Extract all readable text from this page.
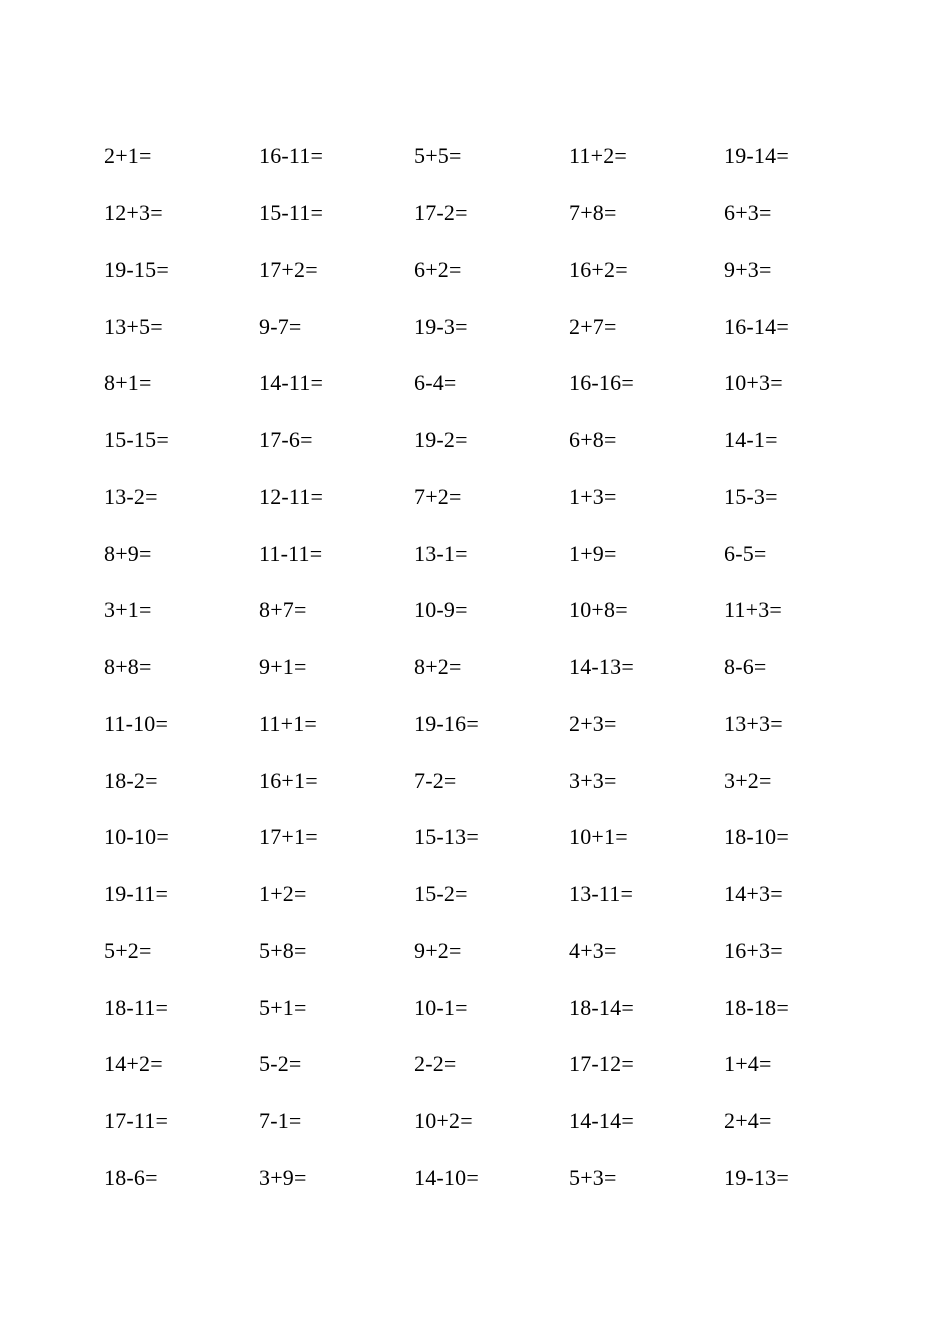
2+1=	16-11=	5+5=	11+2=	19-14=
12+3=	15-11=	17-2=	7+8=	6+3=
19-15=	17+2=	6+2=	16+2=	9+3=
13+5=	9-7=	19-3=	2+7=	16-14=
8+1=	14-11=	6-4=	16-16=	10+3=
15-15=	17-6=	19-2=	6+8=	14-1=
13-2=	12-11=	7+2=	1+3=	15-3=
8+9=	11-11=	13-1=	1+9=	6-5=
3+1=	8+7=	10-9=	10+8=	11+3=
8+8=	9+1=	8+2=	14-13=	8-6=
11-10=	11+1=	19-16=	2+3=	13+3=
18-2=	16+1=	7-2=	3+3=	3+2=
10-10=	17+1=	15-13=	10+1=	18-10=
19-11=	1+2=	15-2=	13-11=	14+3=
5+2=	5+8=	9+2=	4+3=	16+3=
18-11=	5+1=	10-1=	18-14=	18-18=
14+2=	5-2=	2-2=	17-12=	1+4=
17-11=	7-1=	10+2=	14-14=	2+4=
18-6=	3+9=	14-10=	5+3=	19-13=
